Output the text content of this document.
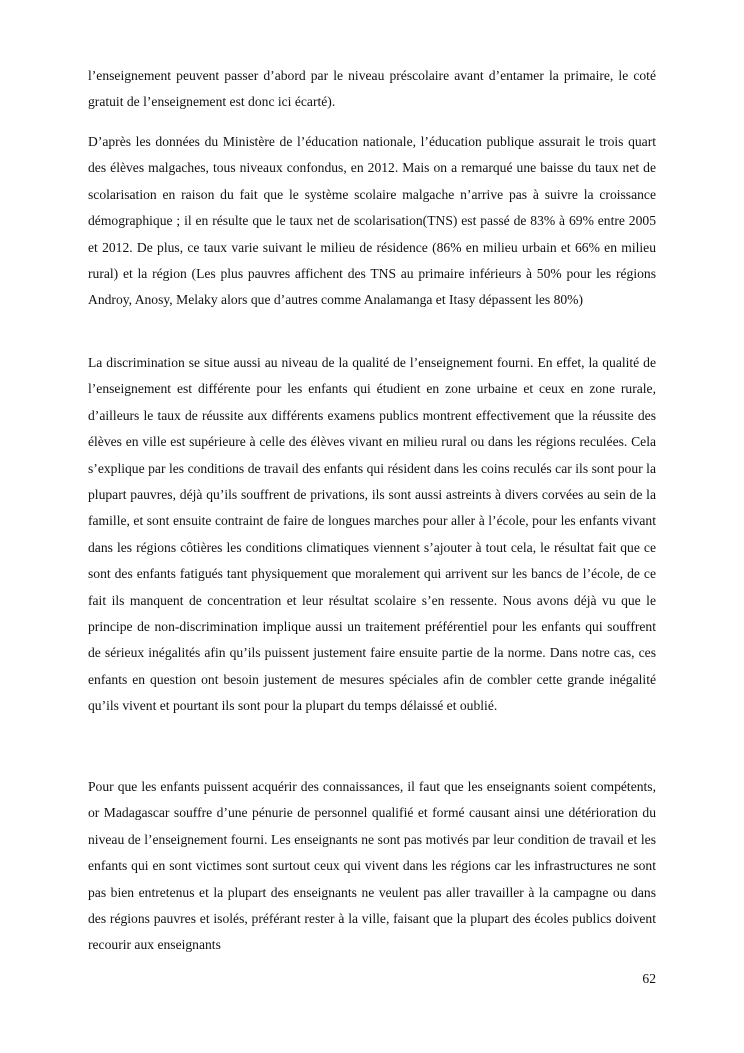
l’enseignement peuvent passer d’abord par le niveau préscolaire avant d’entamer la primaire, le coté gratuit de l’enseignement est donc ici écarté).

D’après les données du Ministère de l’éducation nationale, l’éducation publique assurait le trois quart des élèves malgaches, tous niveaux confondus, en 2012. Mais on a remarqué une baisse du taux net de scolarisation en raison du fait que le système scolaire malgache n’arrive pas à suivre la croissance démographique ; il en résulte que le taux net de scolarisation(TNS) est passé de 83% à 69% entre 2005 et 2012. De plus, ce taux varie suivant le milieu de résidence (86% en milieu urbain et 66% en milieu rural) et la région (Les plus pauvres affichent des TNS au primaire inférieurs à 50% pour les régions Androy, Anosy, Melaky alors que d’autres comme Analamanga et Itasy dépassent les 80%)

La discrimination se situe aussi au niveau de la qualité de l’enseignement fourni. En effet, la qualité de l’enseignement est différente pour les enfants qui étudient en zone urbaine et ceux en zone rurale, d’ailleurs le taux de réussite aux différents examens publics montrent effectivement que la réussite des élèves en ville est supérieure à celle des élèves vivant en milieu rural ou dans les régions reculées. Cela s’explique par les conditions de travail des enfants qui résident dans les coins reculés car ils sont pour la plupart pauvres, déjà qu’ils souffrent de privations, ils sont aussi astreints à divers corvées au sein de la famille, et sont ensuite contraint de faire de longues marches pour aller à l’école, pour les enfants vivant dans les régions côtières les conditions climatiques viennent s’ajouter à tout cela, le résultat fait que ce sont des enfants fatigués tant physiquement que moralement qui arrivent sur les bancs de l’école, de ce fait ils manquent de concentration et leur résultat scolaire s’en ressente. Nous avons déjà vu que le principe de non-discrimination implique aussi un traitement préférentiel pour les enfants qui souffrent de sérieux inégalités afin qu’ils puissent justement faire ensuite partie de la norme. Dans notre cas, ces enfants en question ont besoin justement de mesures spéciales afin de combler cette grande inégalité qu’ils vivent et pourtant ils sont pour la plupart du temps délaissé et oublié.

Pour que les enfants puissent acquérir des connaissances, il faut que les enseignants soient compétents, or Madagascar souffre d’une pénurie de personnel qualifié et formé causant ainsi une détérioration du niveau de l’enseignement fourni. Les enseignants ne sont pas motivés par leur condition de travail et les enfants qui en sont victimes sont surtout ceux qui vivent dans les régions car les infrastructures ne sont pas bien entretenus et la plupart des enseignants ne veulent pas aller travailler à la campagne ou dans des régions pauvres et isolés, préférant rester à la ville, faisant que la plupart des écoles publics doivent recourir aux enseignants

62
